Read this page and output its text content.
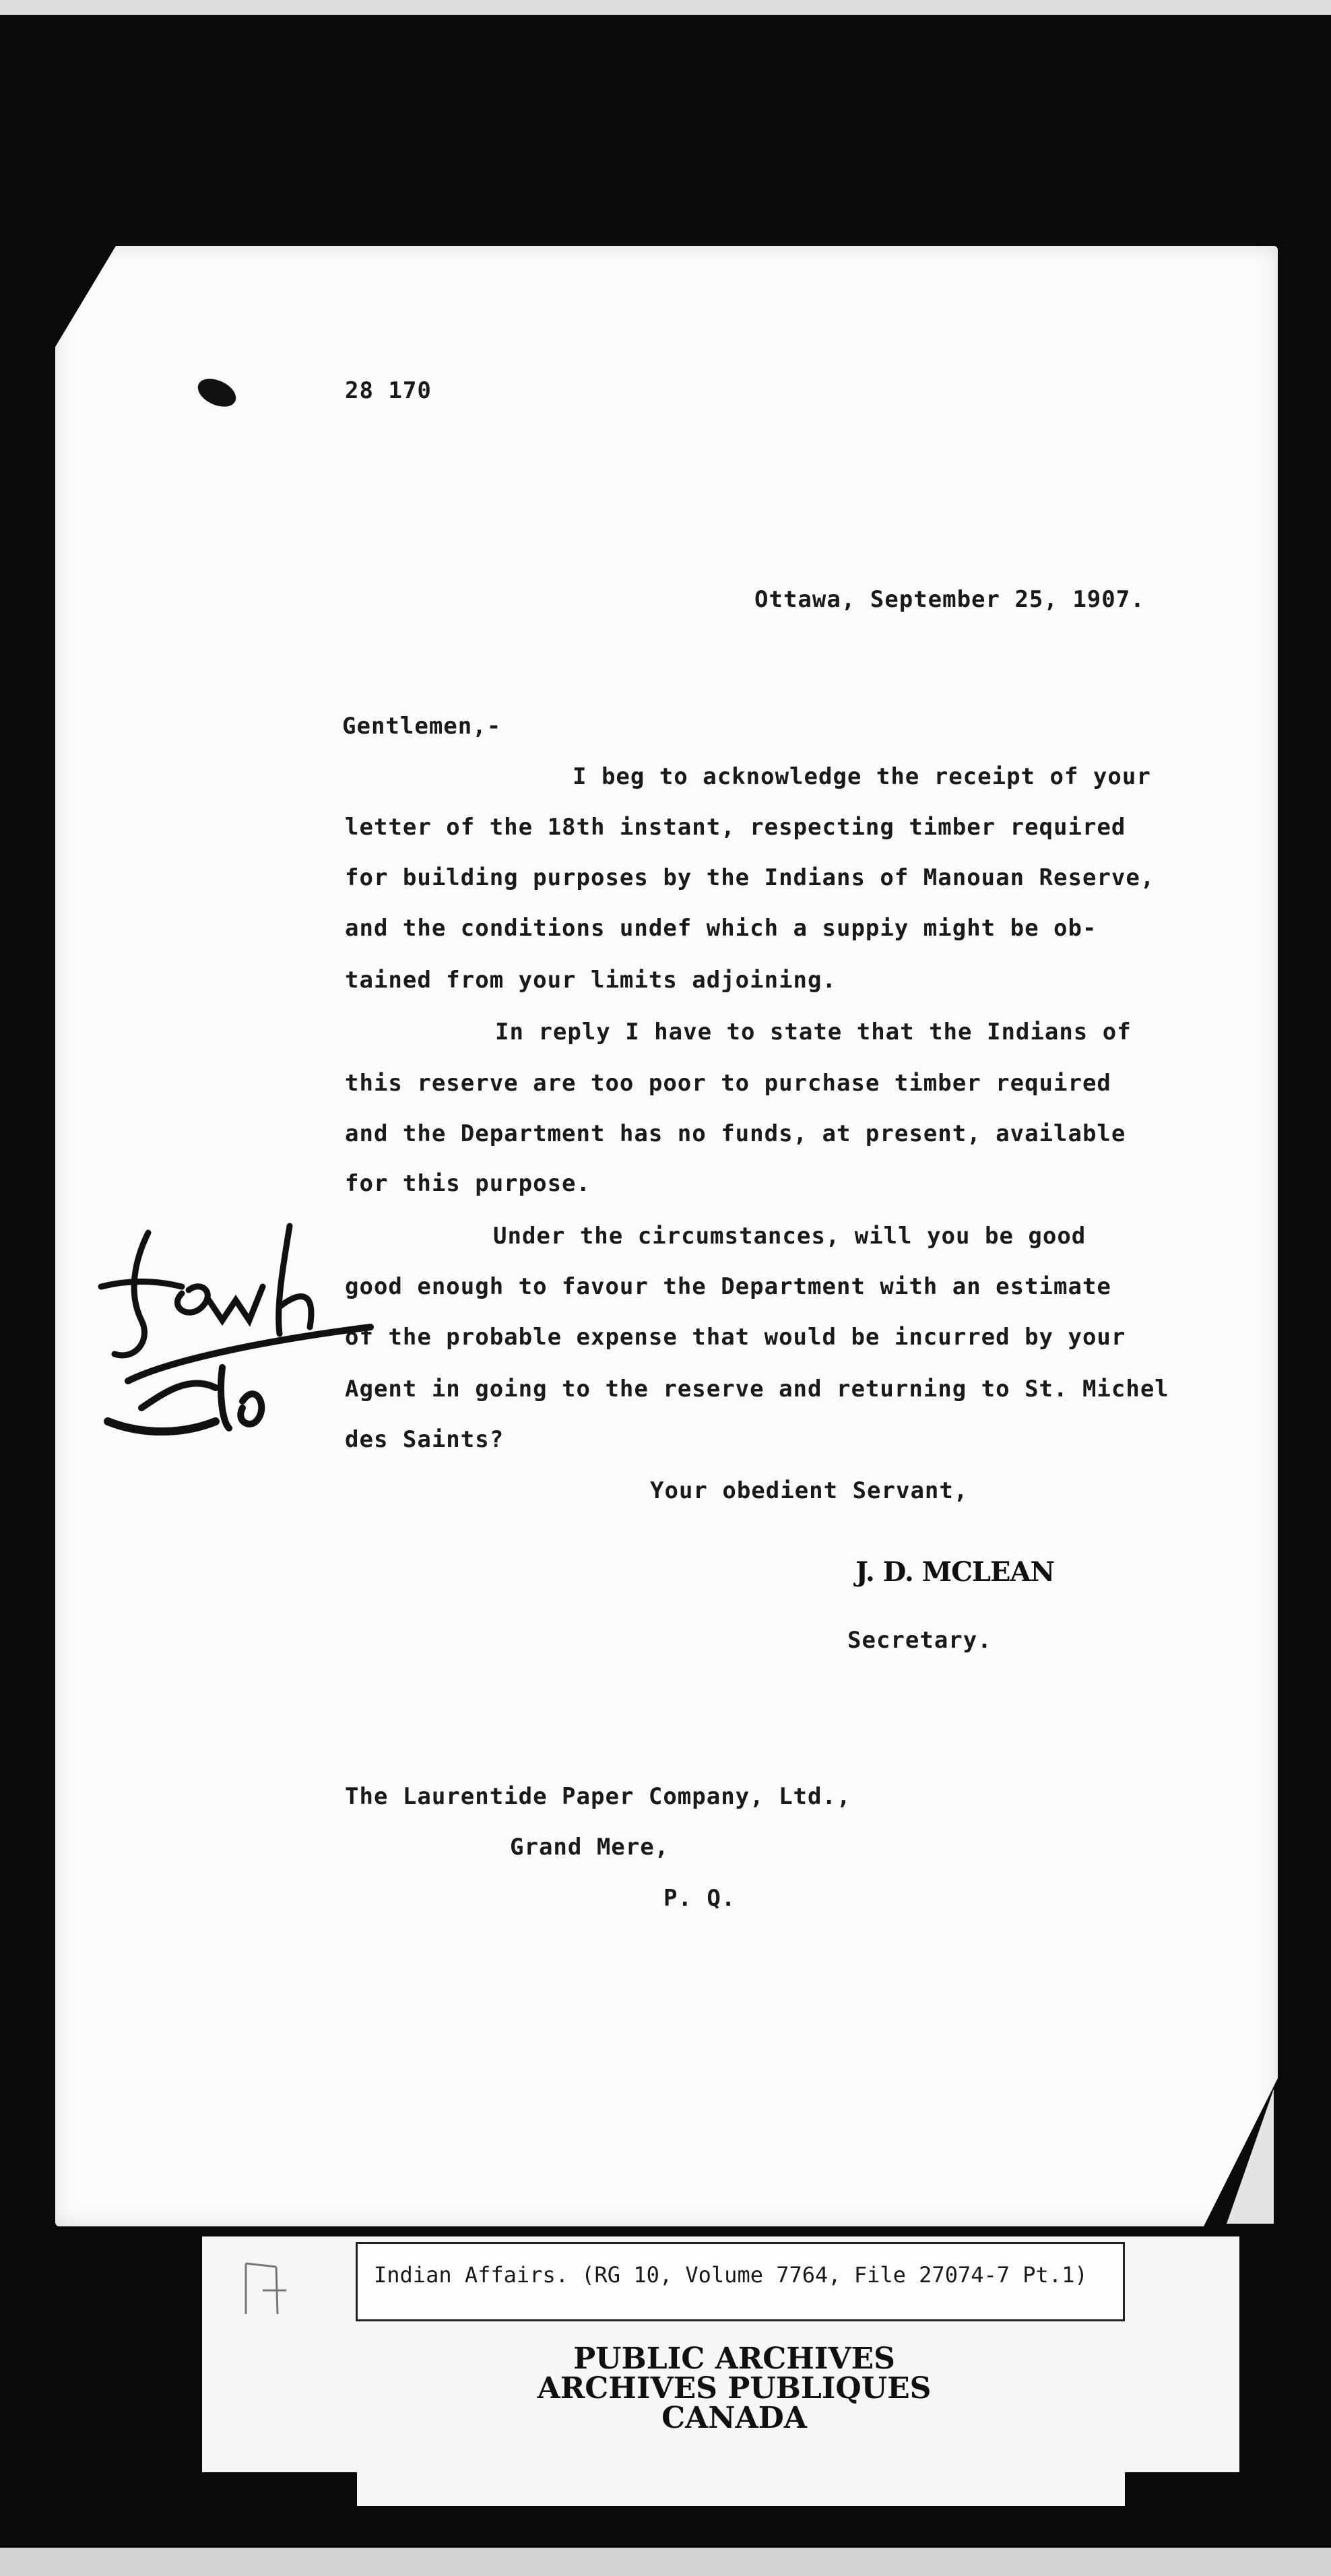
28 170
Ottawa, September 25, 1907.
Gentlemen,-
I beg to acknowledge the receipt of your
letter of the 18th instant, respecting timber required
for building purposes by the Indians of Manouan Reserve,
and the conditions undef which a suppiy might be ob-
tained from your limits adjoining.
In reply I have to state that the Indians of
this reserve are too poor to purchase timber required
and the Department has no funds, at present, available
for this purpose.
Under the circumstances, will you be good
good enough to favour the Department with an estimate
of the probable expense that would be incurred by your
Agent in going to the reserve and returning to St. Michel
des Saints?
Your obedient Servant,
J. D. MCLEAN
Secretary.
The Laurentide Paper Company, Ltd.,
Grand Mere,
P. Q.
Indian Affairs. (RG 10, Volume 7764, File 27074-7 Pt.1)
PUBLIC ARCHIVES
ARCHIVES PUBLIQUES
CANADA
